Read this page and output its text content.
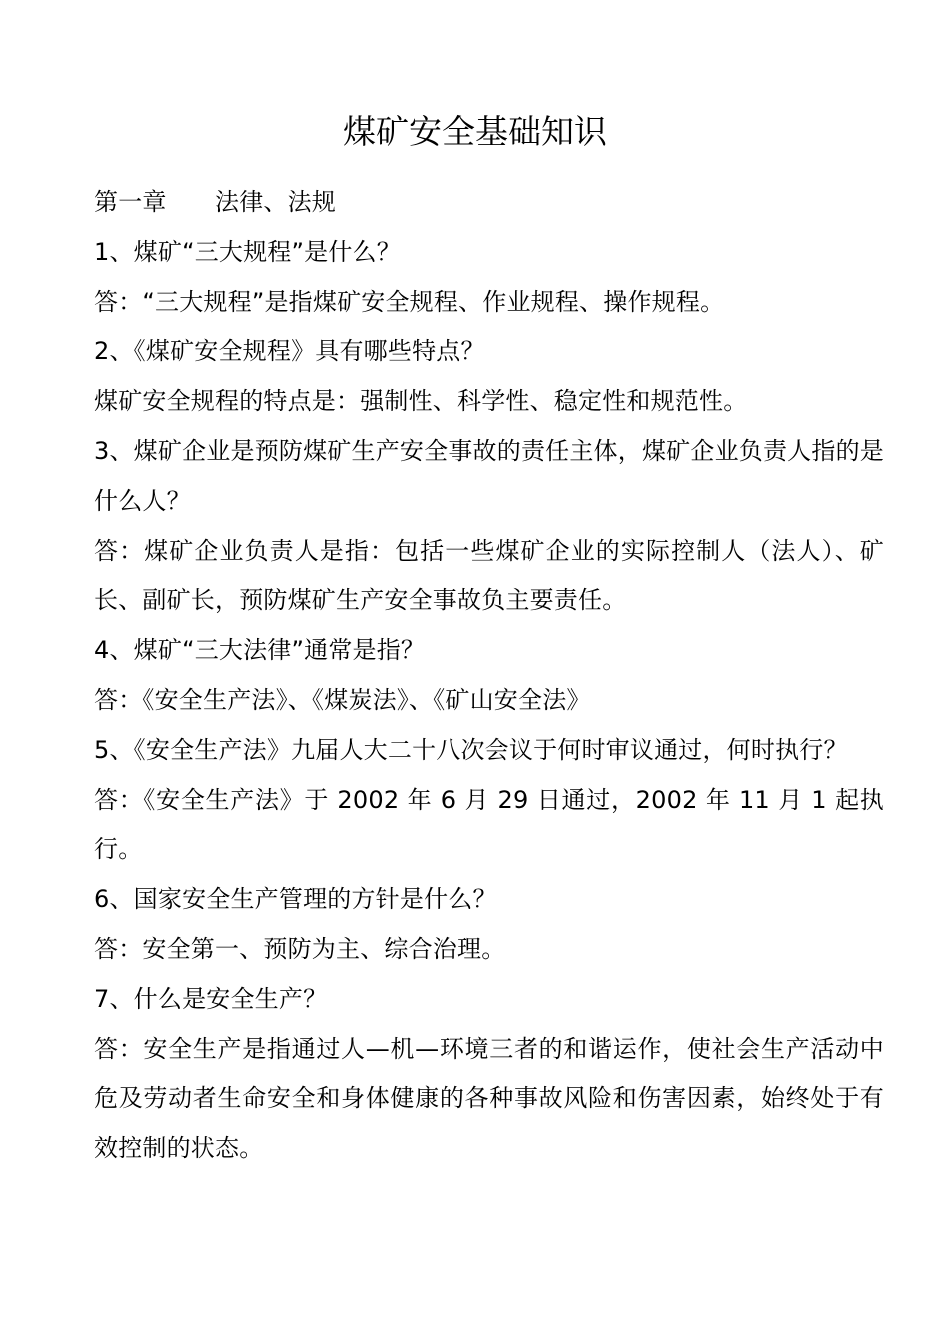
煤矿安全基础知识

第一章　　法律、法规

1、煤矿“三大规程”是什么？

答：“三大规程”是指煤矿安全规程、作业规程、操作规程。

2、《煤矿安全规程》具有哪些特点？

煤矿安全规程的特点是：强制性、科学性、稳定性和规范性。

3、煤矿企业是预防煤矿生产安全事故的责任主体，煤矿企业负责人指的是什么人？

答：煤矿企业负责人是指：包括一些煤矿企业的实际控制人（法人）、矿长、副矿长，预防煤矿生产安全事故负主要责任。

4、煤矿“三大法律”通常是指？

答：《安全生产法》、《煤炭法》、《矿山安全法》

5、《安全生产法》九届人大二十八次会议于何时审议通过，何时执行？

答：《安全生产法》于 2002 年 6 月 29 日通过，2002 年 11 月 1 起执行。

6、国家安全生产管理的方针是什么？

答：安全第一、预防为主、综合治理。

7、什么是安全生产？

答：安全生产是指通过人—机—环境三者的和谐运作，使社会生产活动中危及劳动者生命安全和身体健康的各种事故风险和伤害因素，始终处于有效控制的状态。
